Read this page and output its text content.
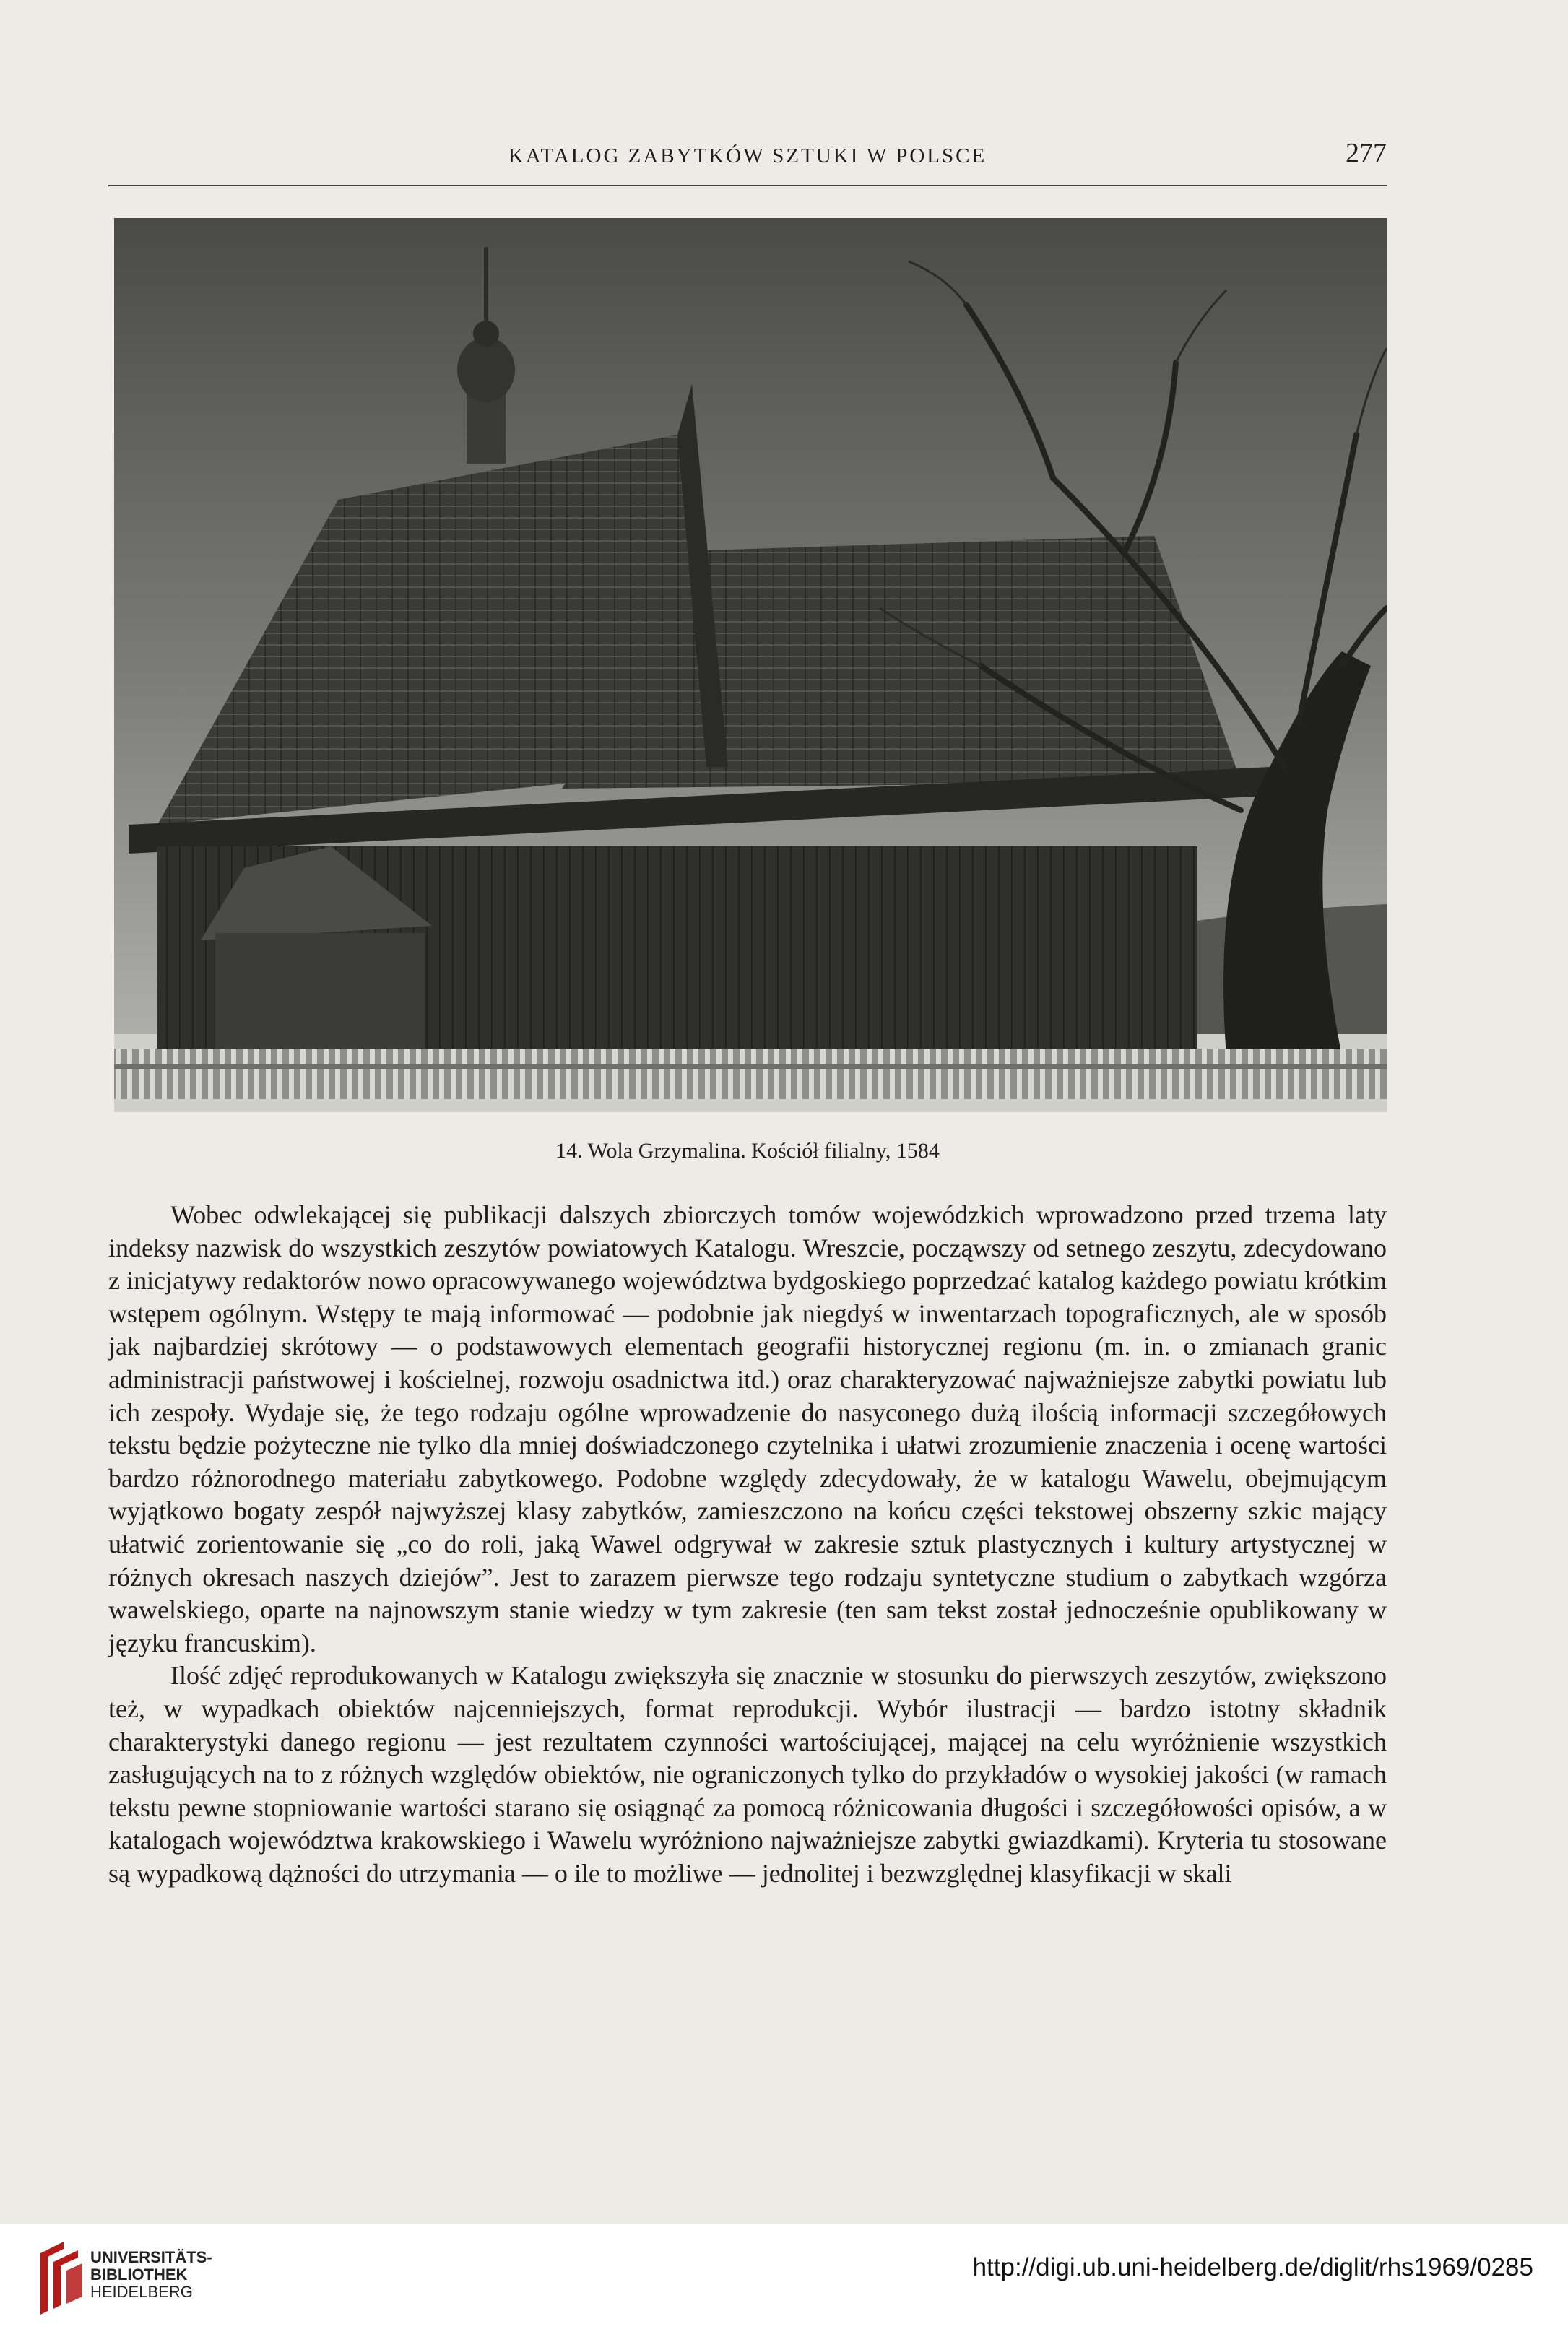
KATALOG ZABYTKÓW SZTUKI W POLSCE	277
14. Wola Grzymalina. Kościół filialny, 1584

Wobec odwlekającej się publikacji dalszych zbiorczych tomów wojewódzkich wprowadzono przed trzema laty indeksy nazwisk do wszystkich zeszytów powiatowych Katalogu. Wreszcie, począwszy od setnego zeszytu, zdecydowano z inicjatywy redaktorów nowo opracowywanego województwa bydgoskiego poprzedzać katalog każdego powiatu krótkim wstępem ogólnym. Wstępy te mają informować — podobnie jak niegdyś w inwentarzach topograficznych, ale w sposób jak najbardziej skrótowy — o podstawowych elementach geografii historycznej regionu (m. in. o zmianach granic administracji państwowej i kościelnej, rozwoju osadnictwa itd.) oraz charakteryzować najważniejsze zabytki powiatu lub ich zespoły. Wydaje się, że tego rodzaju ogólne wprowadzenie do nasyconego dużą ilością informacji szczegółowych tekstu będzie pożyteczne nie tylko dla mniej doświadczonego czytelnika i ułatwi zrozumienie znaczenia i ocenę wartości bardzo różnorodnego materiału zabytkowego. Podobne względy zdecydowały, że w katalogu Wawelu, obejmującym wyjątkowo bogaty zespół najwyższej klasy zabytków, zamieszczono na końcu części tekstowej obszerny szkic mający ułatwić zorientowanie się „co do roli, jaką Wawel odgrywał w zakresie sztuk plastycznych i kultury artystycznej w różnych okresach naszych dziejów”. Jest to zarazem pierwsze tego rodzaju syntetyczne studium o zabytkach wzgórza wawelskiego, oparte na najnowszym stanie wiedzy w tym zakresie (ten sam tekst został jednocześnie opublikowany w języku francuskim).

Ilość zdjęć reprodukowanych w Katalogu zwiększyła się znacznie w stosunku do pierwszych zeszytów, zwiększono też, w wypadkach obiektów najcenniejszych, format reprodukcji. Wybór ilustracji — bardzo istotny składnik charakterystyki danego regionu — jest rezultatem czynności wartościującej, mającej na celu wyróżnienie wszystkich zasługujących na to z różnych względów obiektów, nie ograniczonych tylko do przykładów o wysokiej jakości (w ramach tekstu pewne stopniowanie wartości starano się osiągnąć za pomocą różnicowania długości i szczegółowości opisów, a w katalogach województwa krakowskiego i Wawelu wyróżniono najważniejsze zabytki gwiazdkami). Kryteria tu stosowane są wypadkową dążności do utrzymania — o ile to możliwe — jednolitej i bezwzględnej klasyfikacji w skali

UNIVERSITÄTS-
BIBLIOTHEK
HEIDELBERG
http://digi.ub.uni-heidelberg.de/diglit/rhs1969/0285
